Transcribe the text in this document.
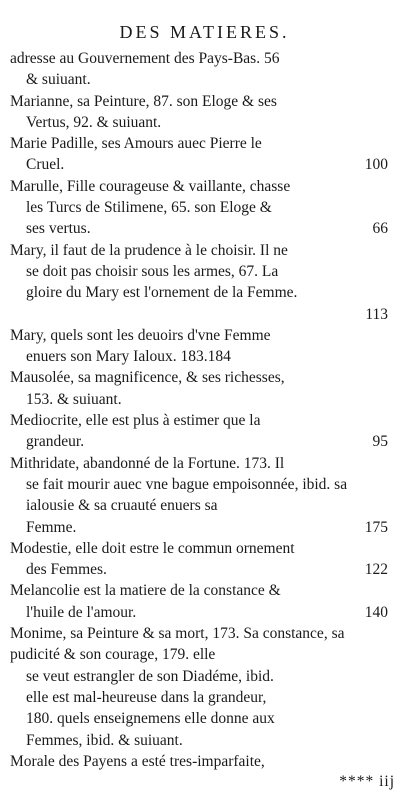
DES MATIERES.
adresse au Gouvernement des Pays-Bas. 56
& suiuant.
Marianne, sa Peinture, 87. son Eloge & ses
Vertus, 92. & suiuant.
Marie Padille, ses Amours auec Pierre le
Cruel.	100
Marulle, Fille courageuse & vaillante, chasse
les Turcs de Stilimene, 65. son Eloge &
ses vertus.	66
Mary, il faut de la prudence à le choisir. Il ne
se doit pas choisir sous les armes, 67. La
gloire du Mary est l'ornement de la Femme.
113
Mary, quels sont les deuoirs d'vne Femme
enuers son Mary Ialoux. 183.184
Mausolée, sa magnificence, & ses richesses,
153. & suiuant.
Mediocrite, elle est plus à estimer que la
grandeur.	95
Mithridate, abandonné de la Fortune. 173. Il
se fait mourir auec vne bague empoisonnée, ibid. sa ialousie & sa cruauté enuers sa
Femme.	175
Modestie, elle doit estre le commun ornement
des Femmes.	122
Melancolie est la matiere de la constance &
l'huile de l'amour.	140
Monime, sa Peinture & sa mort, 173. Sa constance, sa pudicité & son courage, 179. elle
se veut estrangler de son Diadéme, ibid.
elle est mal-heureuse dans la grandeur,
180. quels enseignemens elle donne aux
Femmes, ibid. & suiuant.
Morale des Payens a esté tres-imparfaite,
**** iij
